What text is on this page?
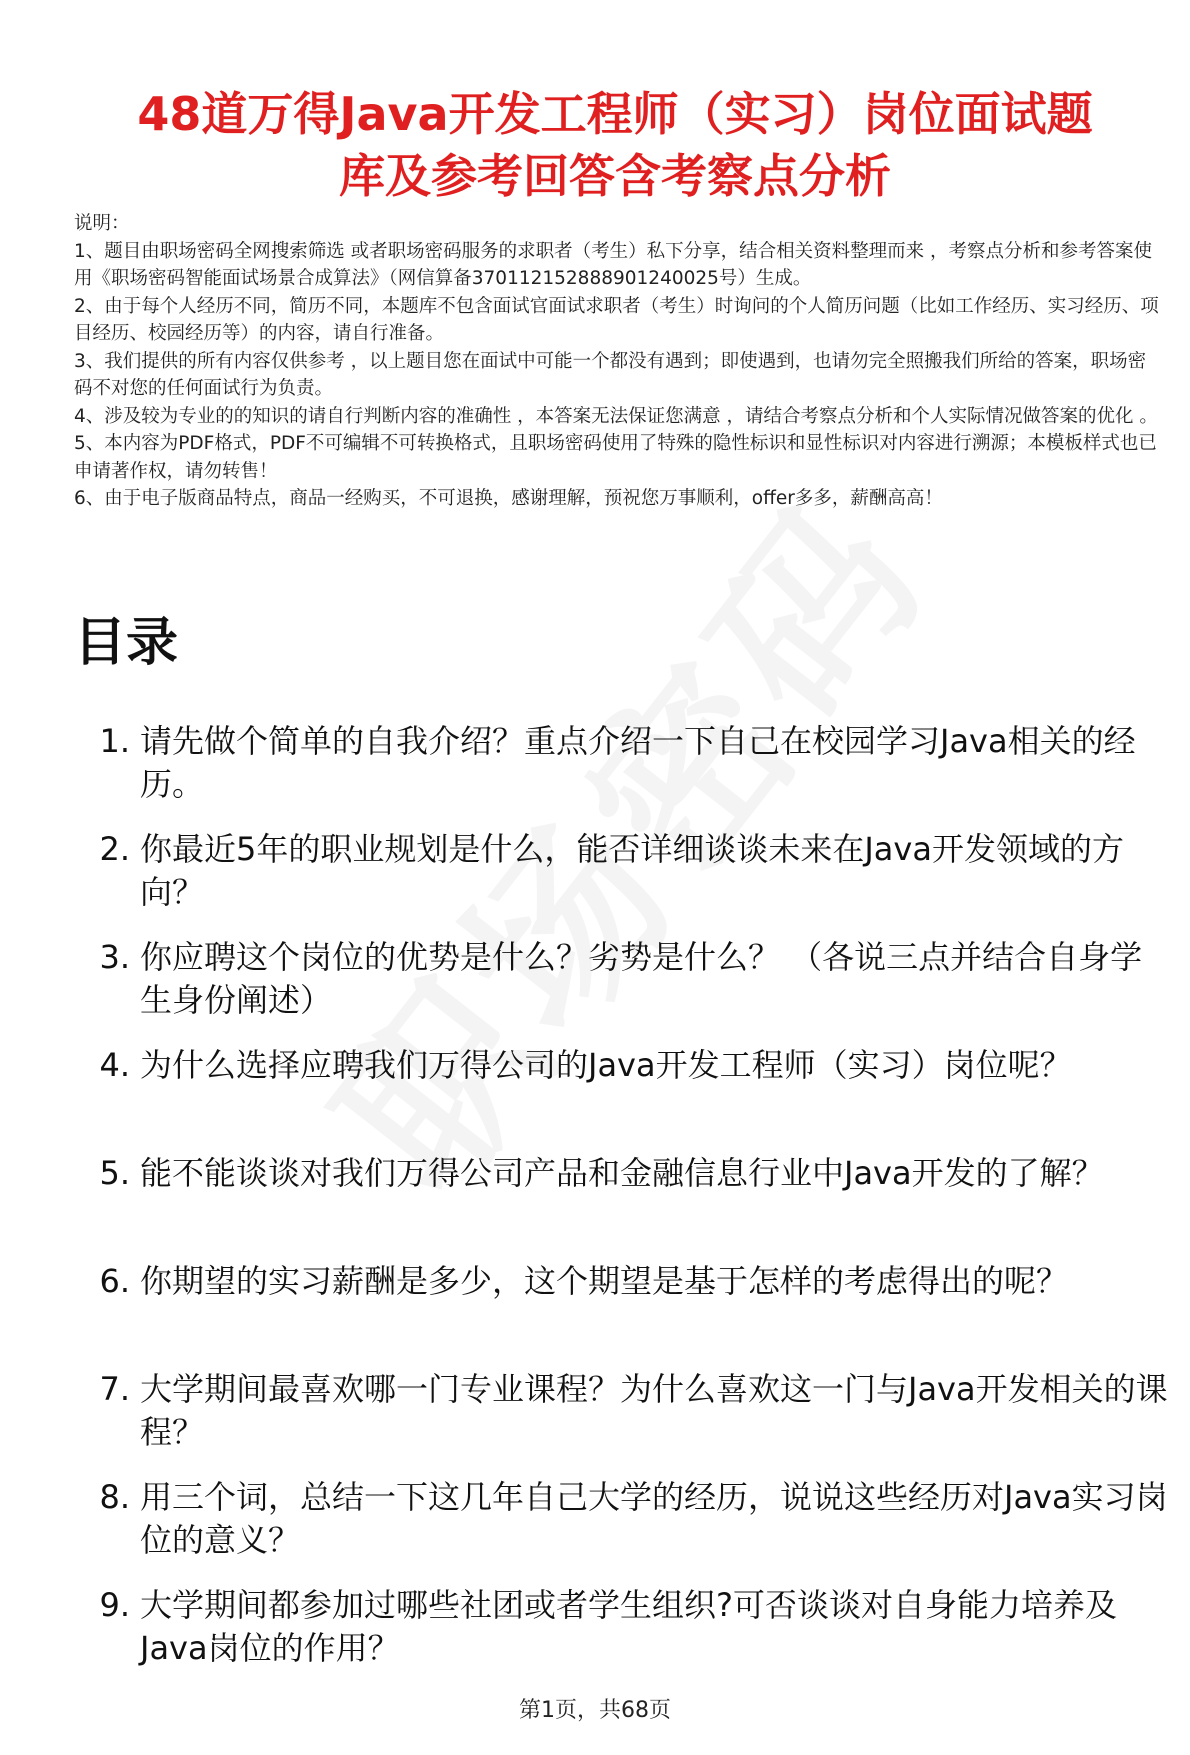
48道万得Java开发工程师（实习）岗位面试题
库及参考回答含考察点分析

说明：

1、题目由职场密码全网搜索筛选 或者职场密码服务的求职者（考生）私下分享，结合相关资料整理而来 ，考察点分析和参考答案使用《职场密码智能面试场景合成算法》（网信算备370112152888901240025号）生成。

2、由于每个人经历不同，简历不同，本题库不包含面试官面试求职者（考生）时询问的个人简历问题（比如工作经历、实习经历、项目经历、校园经历等）的内容，请自行准备。

3、我们提供的所有内容仅供参考 ，以上题目您在面试中可能一个都没有遇到；即使遇到，也请勿完全照搬我们所给的答案，职场密码不对您的任何面试行为负责。

4、涉及较为专业的的知识的请自行判断内容的准确性 ，本答案无法保证您满意 ，请结合考察点分析和个人实际情况做答案的优化 。

5、本内容为PDF格式，PDF不可编辑不可转换格式，且职场密码使用了特殊的隐性标识和显性标识对内容进行溯源；本模板样式也已申请著作权，请勿转售！

6、由于电子版商品特点，商品一经购买，不可退换，感谢理解，预祝您万事顺利，offer多多，薪酬高高！

目录
1. 请先做个简单的自我介绍？重点介绍一下自己在校园学习Java相关的经历。
2. 你最近5年的职业规划是什么，能否详细谈谈未来在Java开发领域的方向？
3. 你应聘这个岗位的优势是什么？劣势是什么？ （各说三点并结合自身学生身份阐述）
4. 为什么选择应聘我们万得公司的Java开发工程师（实习）岗位呢？
5. 能不能谈谈对我们万得公司产品和金融信息行业中Java开发的了解？
6. 你期望的实习薪酬是多少，这个期望是基于怎样的考虑得出的呢？
7. 大学期间最喜欢哪一门专业课程？为什么喜欢这一门与Java开发相关的课程？
8. 用三个词，总结一下这几年自己大学的经历，说说这些经历对Java实习岗位的意义？
9. 大学期间都参加过哪些社团或者学生组织?可否谈谈对自身能力培养及Java岗位的作用？
第1页，共68页
